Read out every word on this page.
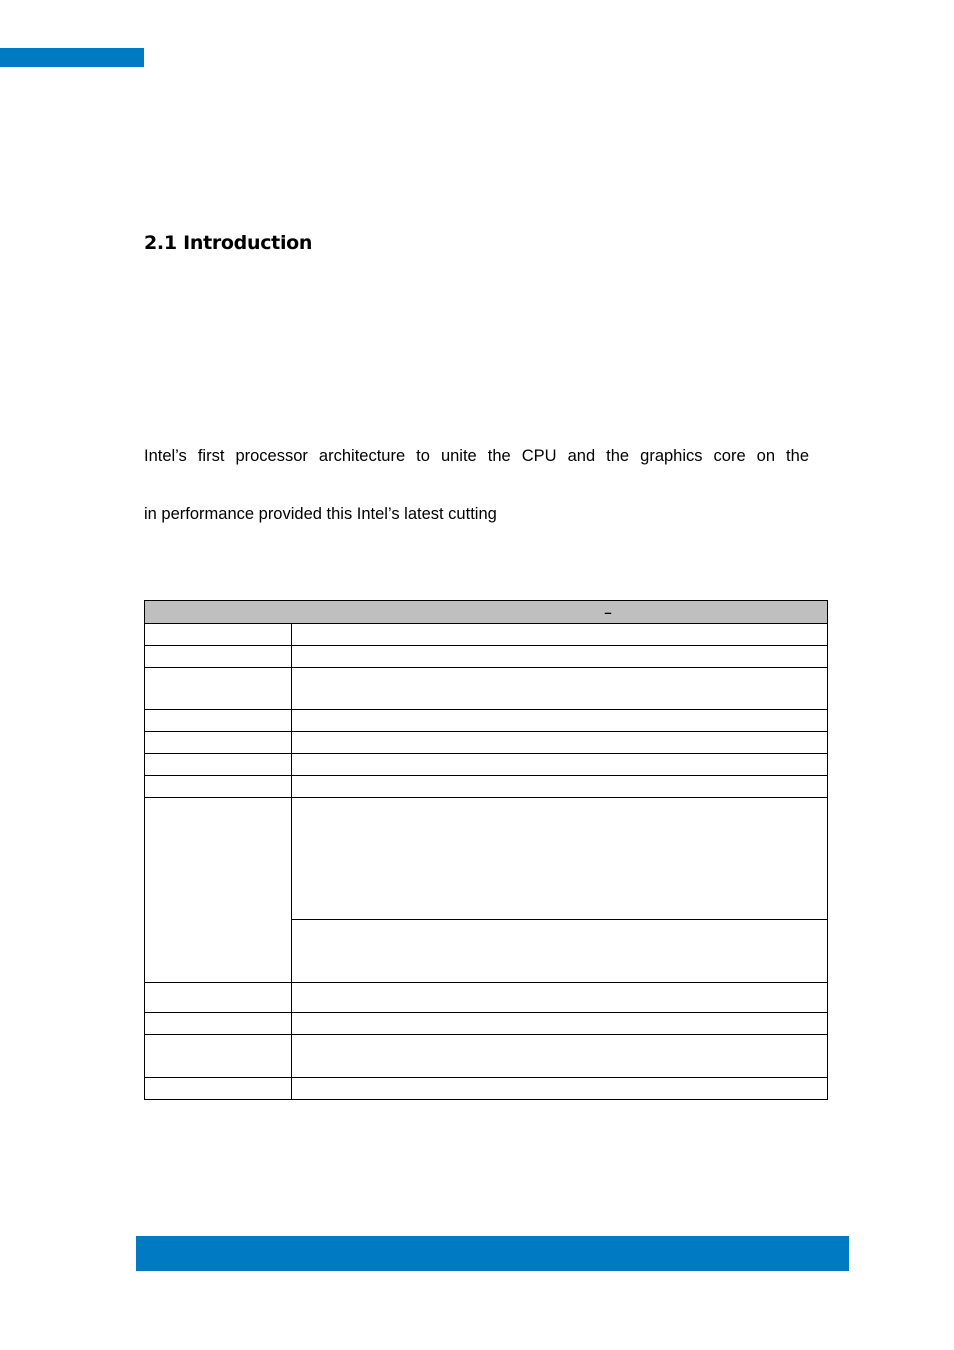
2.1 Introduction

Intel’s first processor architecture to unite the CPU and the graphics core on the

in performance provided this Intel’s latest cutting

–	
